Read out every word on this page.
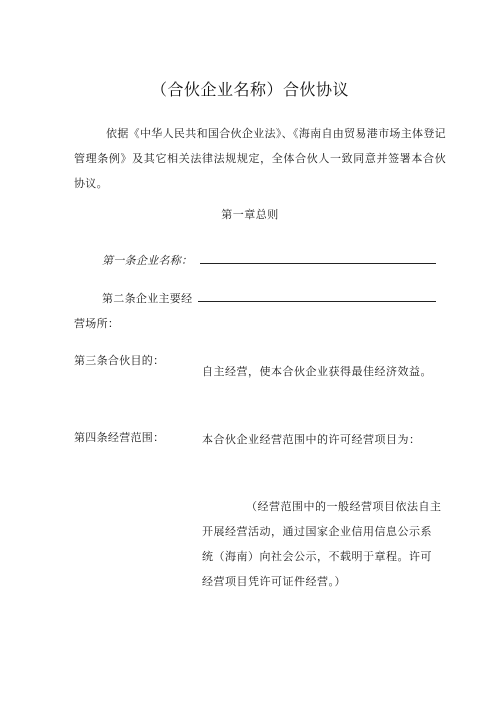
（合伙企业名称）合伙协议

依据《中华人民共和国合伙企业法》、《海南自由贸易港市场主体登记管理条例》及其它相关法律法规规定，全体合伙人一致同意并签署本合伙协议。

第一章总则
第一条企业名称：
第二条企业主要经
营场所：
第三条合伙目的：

自主经营，使本合伙企业获得最佳经济效益。

第四条经营范围：	本合伙企业经营范围中的许可经营项目为：

（经营范围中的一般经营项目依法自主开展经营活动，通过国家企业信用信息公示系统（海南）向社会公示，不载明于章程。许可经营项目凭许可证件经营。）
